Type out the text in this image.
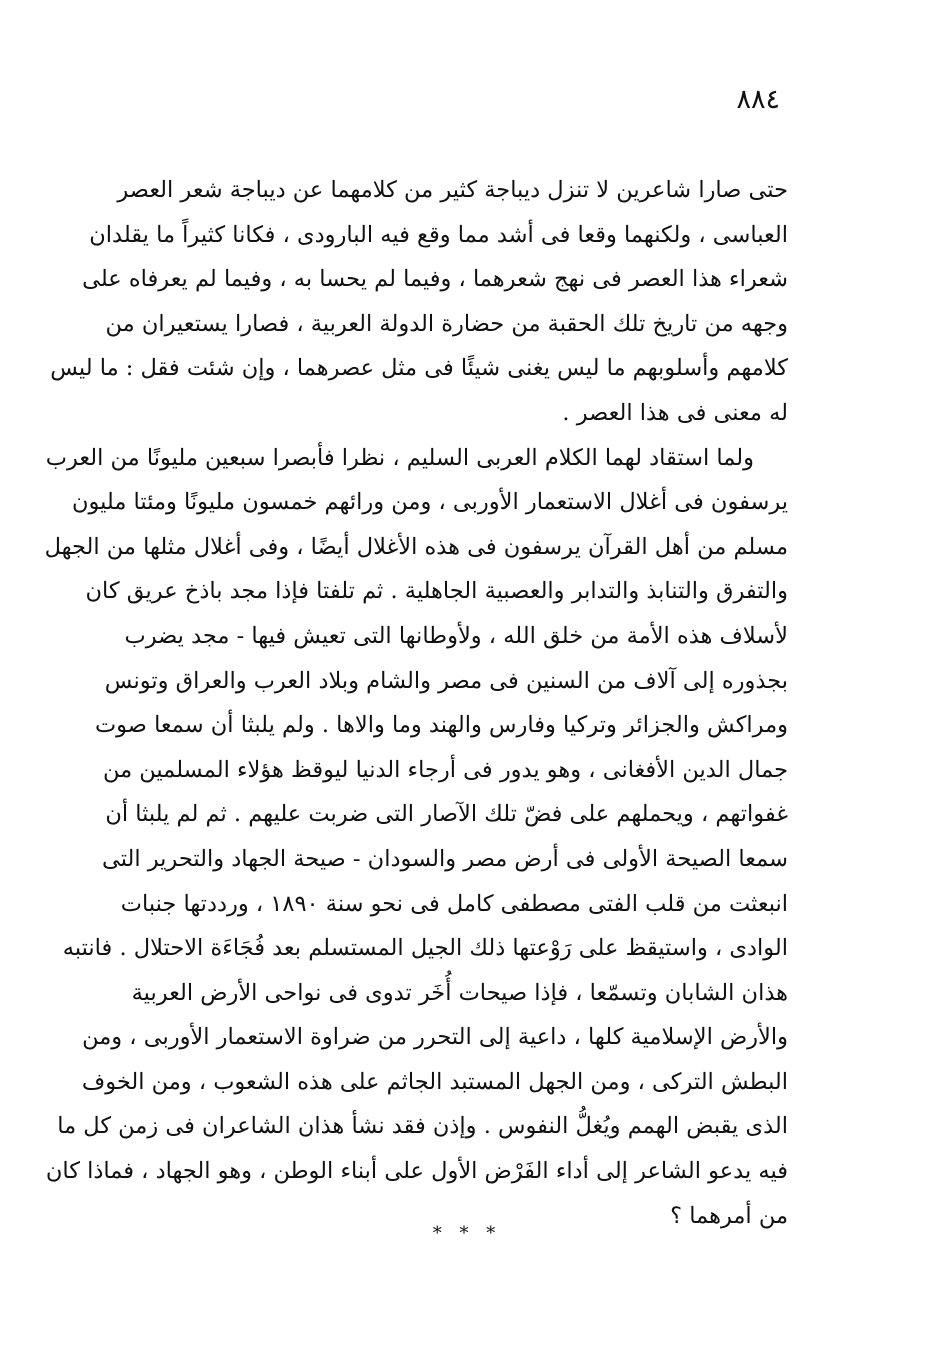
٨٨٤
حتى صارا شاعرين لا تنزل ديباجة كثير من كلامهما عن ديباجة شعر العصر
العباسى ، ولكنهما وقعا فى أشد مما وقع فيه البارودى ، فكانا كثيراً ما يقلدان
شعراء هذا العصر فى نهج شعرهما ، وفيما لم يحسا به ، وفيما لم يعرفاه على
وجهه من تاريخ تلك الحقبة من حضارة الدولة العربية ، فصارا يستعيران من
كلامهم وأسلوبهم ما ليس يغنى شيئًا فى مثل عصرهما ، وإن شئت فقل : ما ليس
له معنى فى هذا العصر .
ولما استقاد لهما الكلام العربى السليم ، نظرا فأبصرا سبعين مليونًا من العرب
يرسفون فى أغلال الاستعمار الأوربى ، ومن ورائهم خمسون مليونًا ومئتا مليون
مسلم من أهل القرآن يرسفون فى هذه الأغلال أيضًا ، وفى أغلال مثلها من الجهل
والتفرق والتنابذ والتدابر والعصبية الجاهلية . ثم تلفتا فإذا مجد باذخ عريق كان
لأسلاف هذه الأمة من خلق الله ، ولأوطانها التى تعيش فيها - مجد يضرب
بجذوره إلى آلاف من السنين فى مصر والشام وبلاد العرب والعراق وتونس
ومراكش والجزائر وتركيا وفارس والهند وما والاها . ولم يلبثا أن سمعا صوت
جمال الدين الأفغانى ، وهو يدور فى أرجاء الدنيا ليوقظ هؤلاء المسلمين من
غفواتهم ، ويحملهم على فضّ تلك الآصار التى ضربت عليهم . ثم لم يلبثا أن
سمعا الصيحة الأولى فى أرض مصر والسودان - صيحة الجهاد والتحرير التى
انبعثت من قلب الفتى مصطفى كامل فى نحو سنة ١٨٩٠ ، ورددتها جنبات
الوادى ، واستيقظ على رَوْعتها ذلك الجيل المستسلم بعد فُجَاءَة الاحتلال . فانتبه
هذان الشابان وتسمّعا ، فإذا صيحات أُخَر تدوى فى نواحى الأرض العربية
والأرض الإسلامية كلها ، داعية إلى التحرر من ضراوة الاستعمار الأوربى ، ومن
البطش التركى ، ومن الجهل المستبد الجاثم على هذه الشعوب ، ومن الخوف
الذى يقبض الهمم ويُغلُّ النفوس . وإذن فقد نشأ هذان الشاعران فى زمن كل ما
فيه يدعو الشاعر إلى أداء الفَرْض الأول على أبناء الوطن ، وهو الجهاد ، فماذا كان
من أمرهما ؟
* * *
